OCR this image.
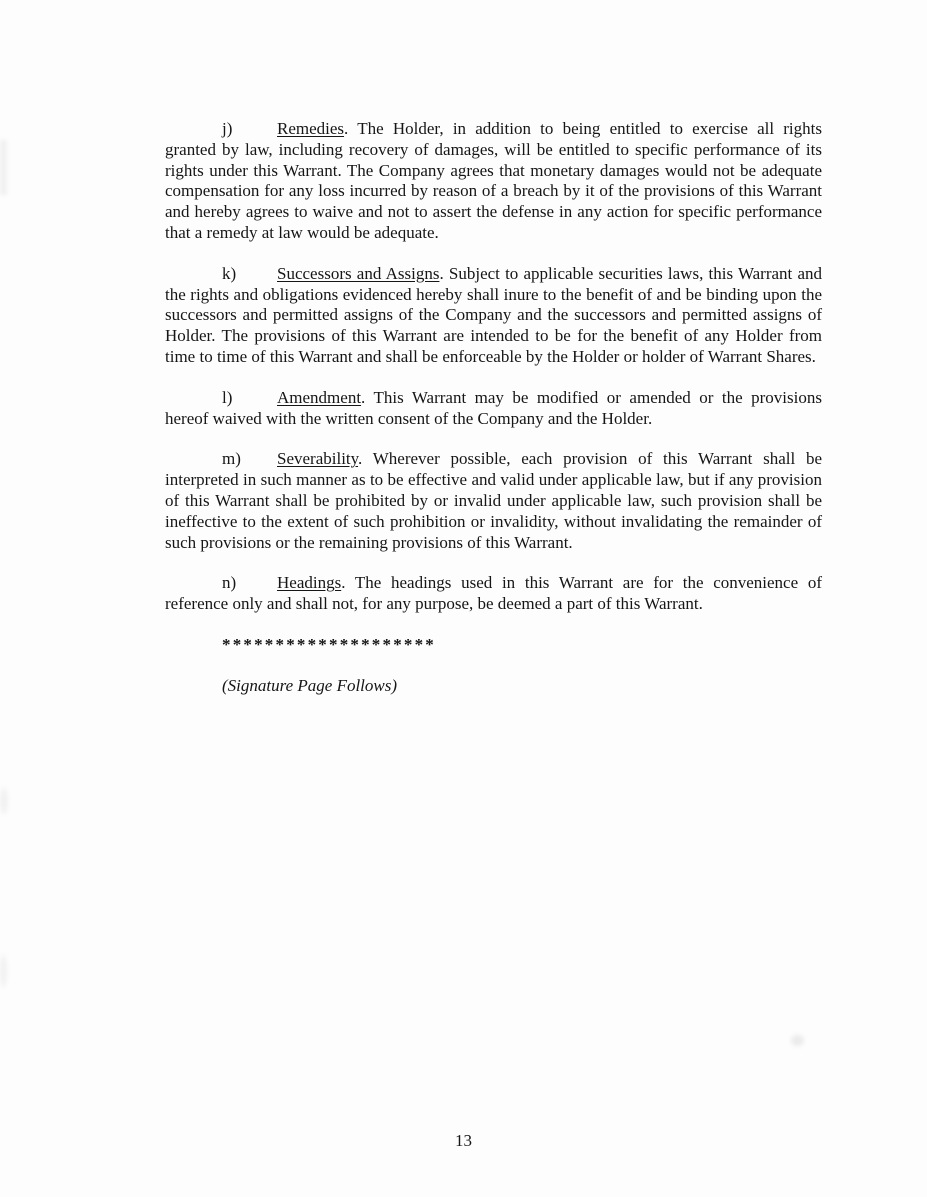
j)	Remedies. The Holder, in addition to being entitled to exercise all rights granted by law, including recovery of damages, will be entitled to specific performance of its rights under this Warrant. The Company agrees that monetary damages would not be adequate compensation for any loss incurred by reason of a breach by it of the provisions of this Warrant and hereby agrees to waive and not to assert the defense in any action for specific performance that a remedy at law would be adequate.

k) Successors and Assigns. Subject to applicable securities laws, this Warrant and the rights and obligations evidenced hereby shall inure to the benefit of and be binding upon the successors and permitted assigns of the Company and the successors and permitted assigns of Holder. The provisions of this Warrant are intended to be for the benefit of any Holder from time to time of this Warrant and shall be enforceable by the Holder or holder of Warrant Shares.

l)	Amendment. This Warrant may be modified or amended or the provisions hereof waived with the written consent of the Company and the Holder.

m) Severability. Wherever possible, each provision of this Warrant shall be interpreted in such manner as to be effective and valid under applicable law, but if any provision of this Warrant shall be prohibited by or invalid under applicable law, such provision shall be ineffective to the extent of such prohibition or invalidity, without invalidating the remainder of such provisions or the remaining provisions of this Warrant.

n) Headings. The headings used in this Warrant are for the convenience of reference only and shall not, for any purpose, be deemed a part of this Warrant.

********************

(Signature Page Follows)

13
